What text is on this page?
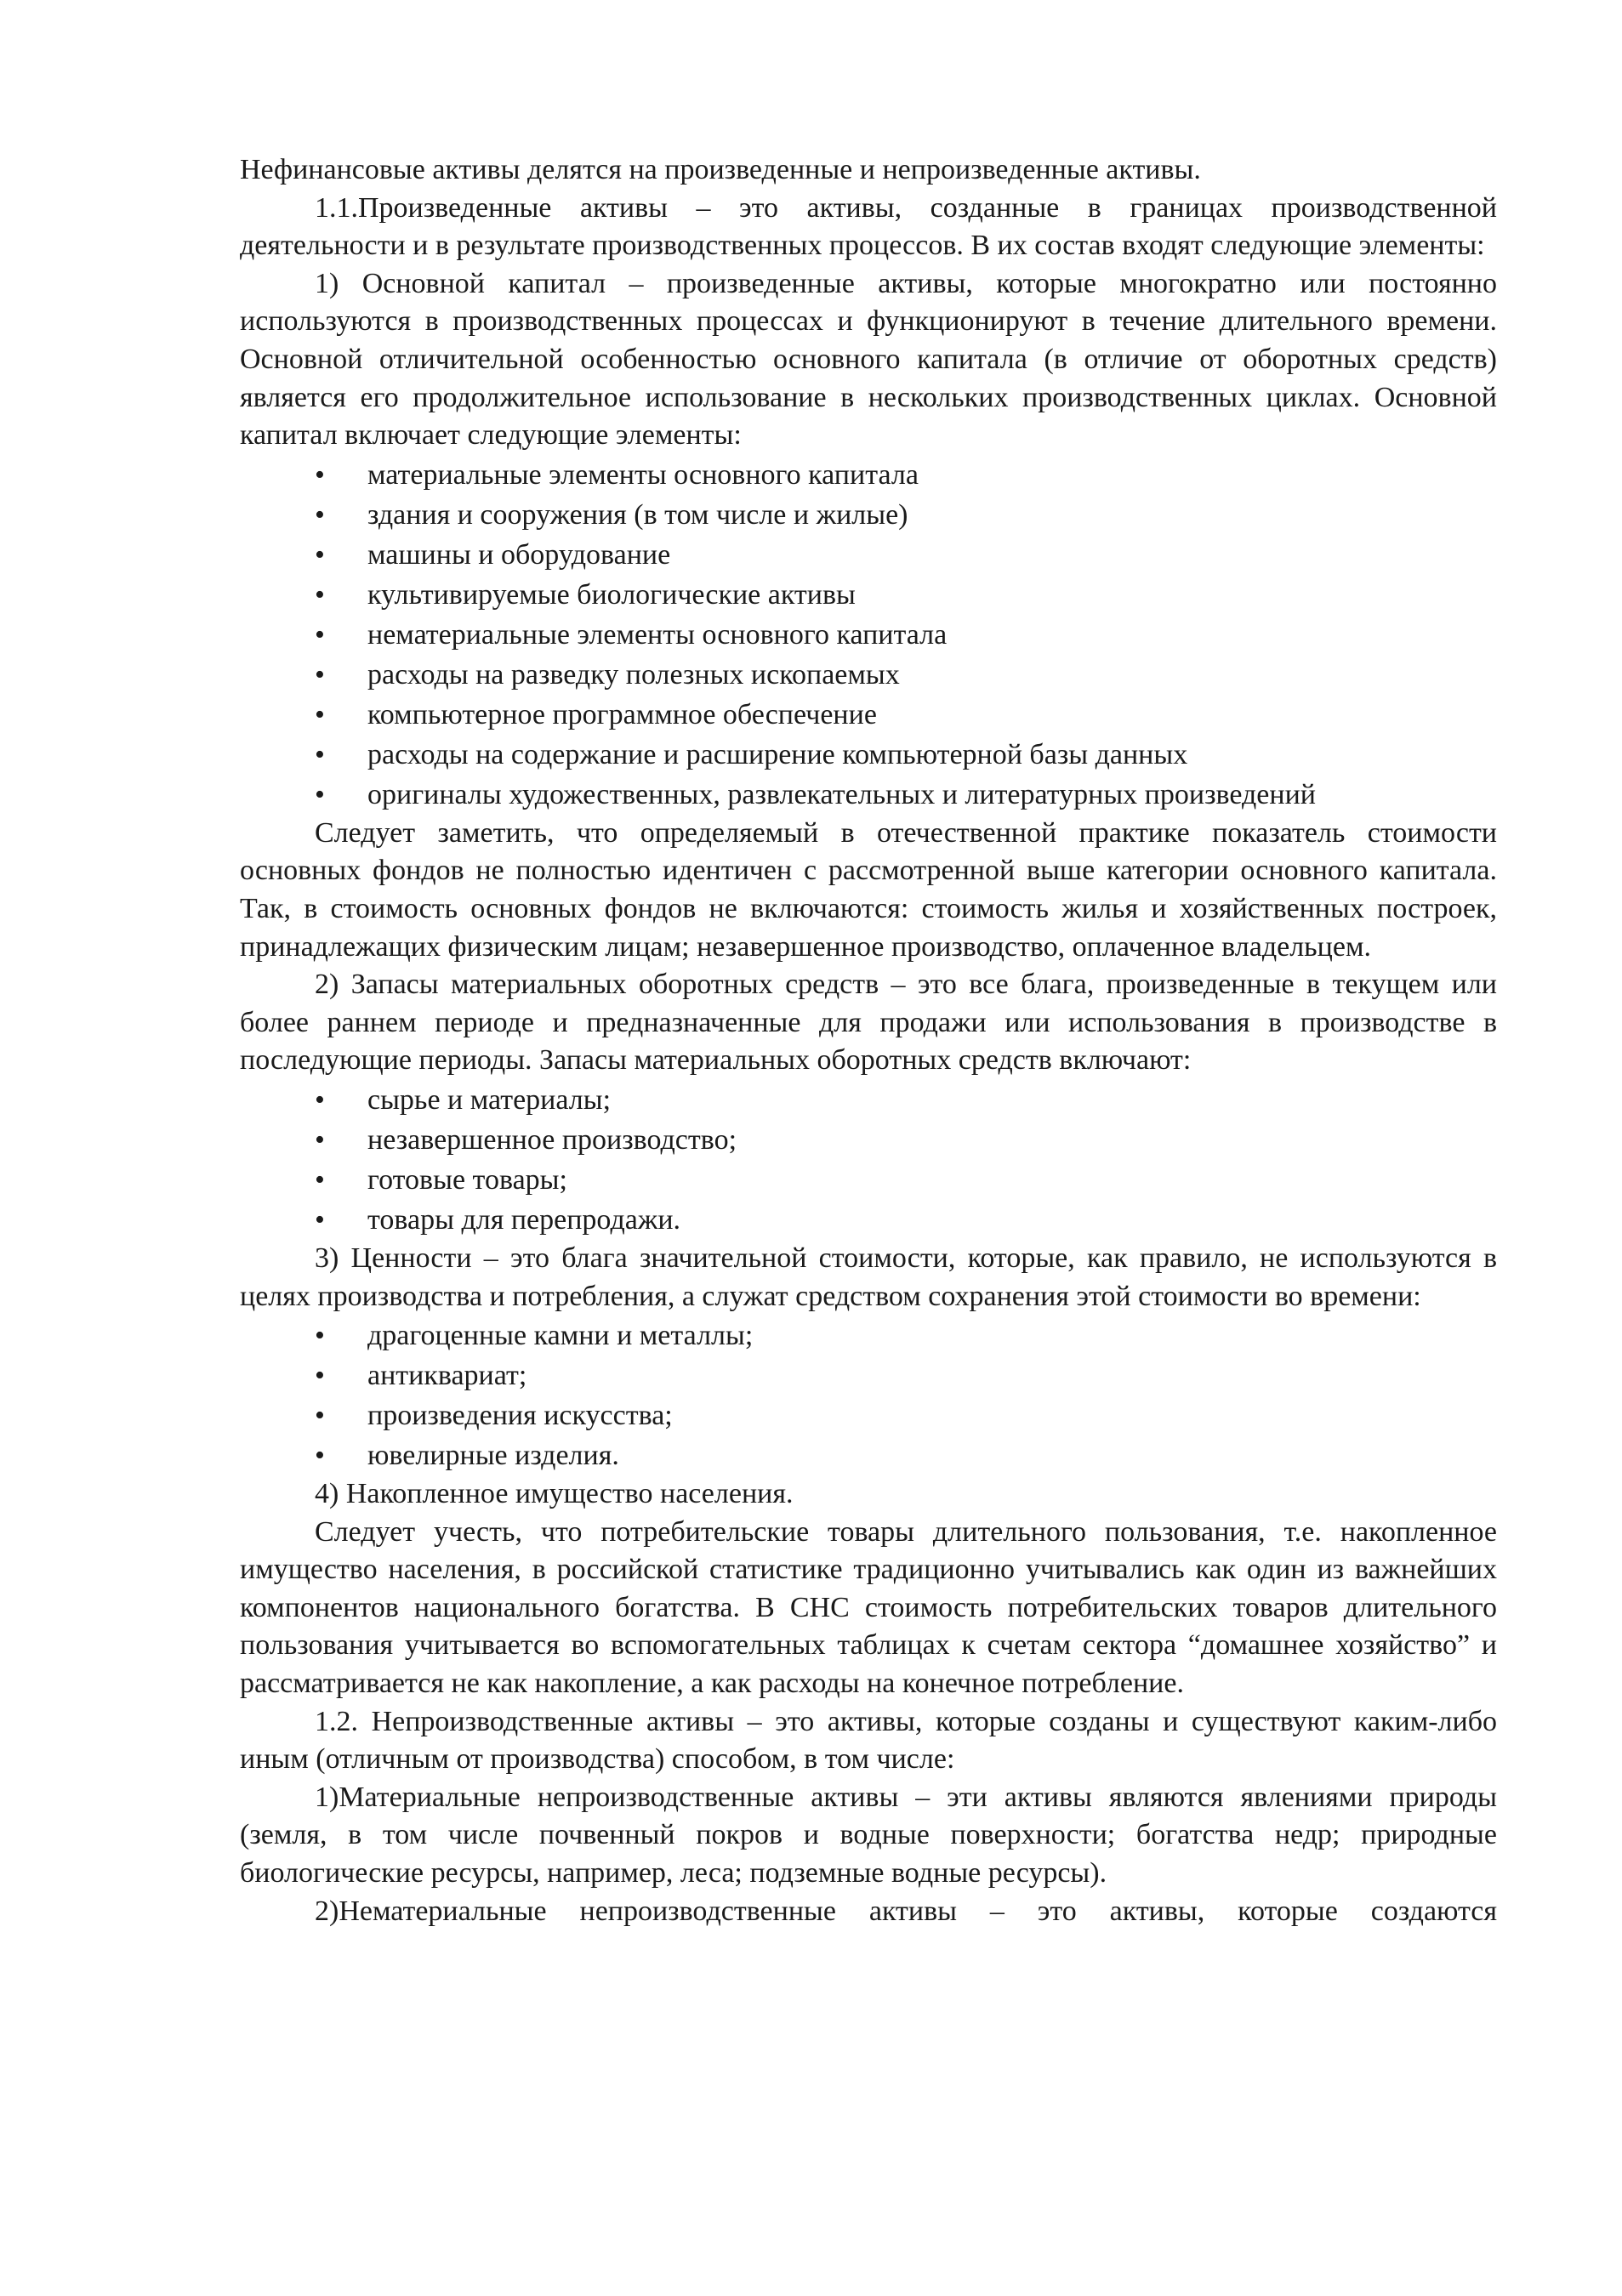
Нефинансовые активы делятся на произведенные и непроизведенные активы.

1.1.Произведенные активы – это активы, созданные в границах производственной деятельности и в результате производственных процессов. В их состав входят следующие элементы:

1) Основной капитал – произведенные активы, которые многократно или постоянно используются в производственных процессах и функционируют в течение длительного времени. Основной отличительной особенностью основного капитала (в отличие от оборотных средств) является его продолжительное использование в нескольких производственных циклах. Основной капитал включает следующие элементы:

• материальные элементы основного капитала
• здания и сооружения (в том числе и жилые)
• машины и оборудование
• культивируемые биологические активы
• нематериальные элементы основного капитала
• расходы на разведку полезных ископаемых
• компьютерное программное обеспечение
• расходы на содержание и расширение компьютерной базы данных
• оригиналы художественных, развлекательных и литературных произведений

Следует заметить, что определяемый в отечественной практике показатель стоимости основных фондов не полностью идентичен с рассмотренной выше категории основного капитала. Так, в стоимость основных фондов не включаются: стоимость жилья и хозяйственных построек, принадлежащих физическим лицам; незавершенное производство, оплаченное владельцем.

2) Запасы материальных оборотных средств – это все блага, произведенные в текущем или более раннем периоде и предназначенные для продажи или использования в производстве в последующие периоды. Запасы материальных оборотных средств включают:

• сырье и материалы;
• незавершенное производство;
• готовые товары;
• товары для перепродажи.

3) Ценности – это блага значительной стоимости, которые, как правило, не используются в целях производства и потребления, а служат средством сохранения этой стоимости во времени:

• драгоценные камни и металлы;
• антиквариат;
• произведения искусства;
• ювелирные изделия.

4) Накопленное имущество населения.

Следует учесть, что потребительские товары длительного пользования, т.е. накопленное имущество населения, в российской статистике традиционно учитывались как один из важнейших компонентов национального богатства. В СНС стоимость потребительских товаров длительного пользования учитывается во вспомогательных таблицах к счетам сектора “домашнее хозяйство” и рассматривается не как накопление, а как расходы на конечное потребление.

1.2. Непроизводственные активы – это активы, которые созданы и существуют каким-либо иным (отличным от производства) способом, в том числе:

1)Материальные непроизводственные активы – эти активы являются явлениями природы (земля, в том числе почвенный покров и водные поверхности; богатства недр; природные биологические ресурсы, например, леса; подземные водные ресурсы).

2)Нематериальные непроизводственные активы – это активы, которые создаются
